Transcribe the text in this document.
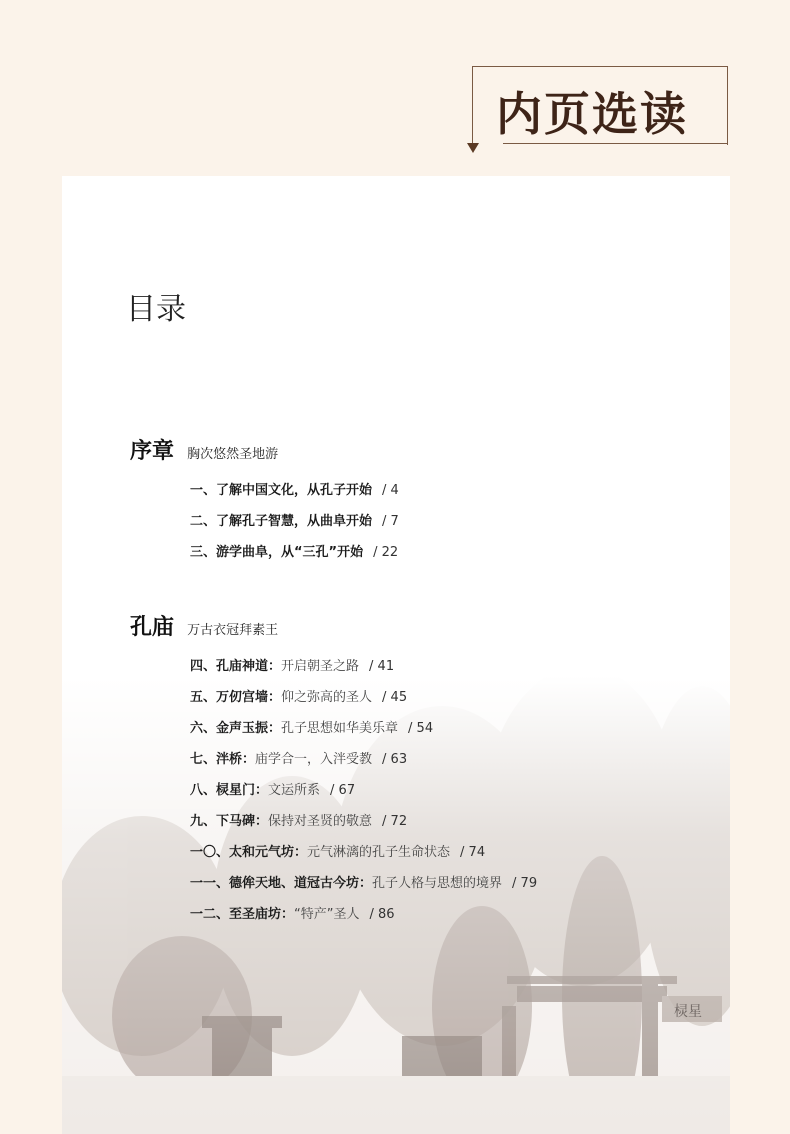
内页选读
目录
序章 胸次悠然圣地游
一、了解中国文化，从孔子开始 / 4
二、了解孔子智慧，从曲阜开始 / 7
三、游学曲阜，从“三孔”开始 / 22
孔庙 万古衣冠拜素王
四、孔庙神道：开启朝圣之路 / 41
五、万仞宫墙：仰之弥高的圣人 / 45
六、金声玉振：孔子思想如华美乐章 / 54
七、泮桥：庙学合一，入泮受教 / 63
八、棂星门：文运所系 / 67
九、下马碑：保持对圣贤的敬意 / 72
一〇、太和元气坊：元气淋漓的孔子生命状态 / 74
一一、德侔天地、道冠古今坊：孔子人格与思想的境界 / 79
一二、至圣庙坊：“特产”圣人 / 86
